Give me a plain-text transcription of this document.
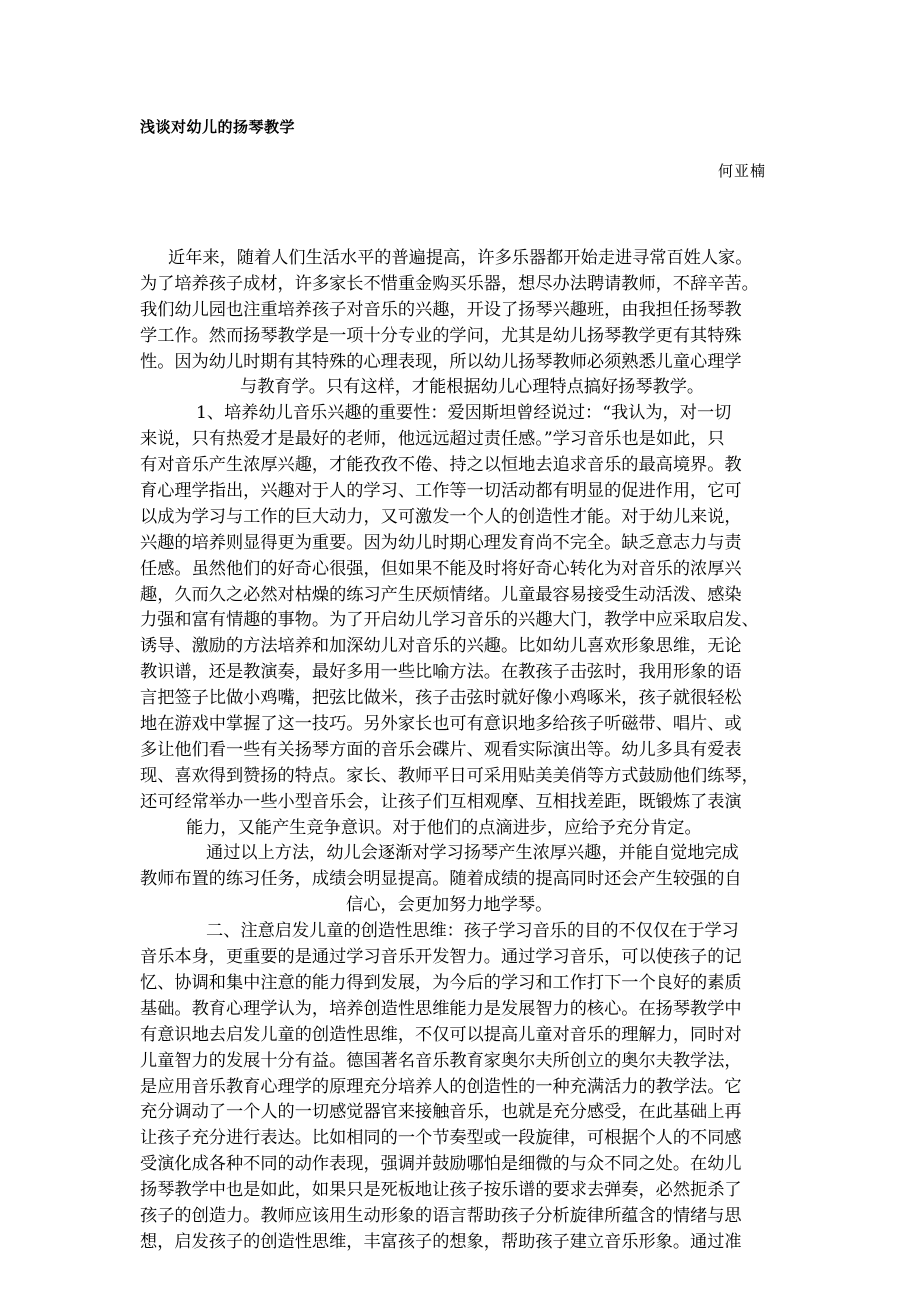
浅谈对幼儿的扬琴教学
何亚楠
近年来，随着人们生活水平的普遍提高，许多乐器都开始走进寻常百姓人家。
为了培养孩子成材，许多家长不惜重金购买乐器，想尽办法聘请教师，不辞辛苦。
我们幼儿园也注重培养孩子对音乐的兴趣，开设了扬琴兴趣班，由我担任扬琴教
学工作。然而扬琴教学是一项十分专业的学问，尤其是幼儿扬琴教学更有其特殊
性。因为幼儿时期有其特殊的心理表现，所以幼儿扬琴教师必须熟悉儿童心理学
与教育学。只有这样，才能根据幼儿心理特点搞好扬琴教学。
1、培养幼儿音乐兴趣的重要性：爱因斯坦曾经说过：“我认为，对一切
来说，只有热爱才是最好的老师，他远远超过责任感。”学习音乐也是如此，只
有对音乐产生浓厚兴趣，才能孜孜不倦、持之以恒地去追求音乐的最高境界。教
育心理学指出，兴趣对于人的学习、工作等一切活动都有明显的促进作用，它可
以成为学习与工作的巨大动力，又可激发一个人的创造性才能。对于幼儿来说，
兴趣的培养则显得更为重要。因为幼儿时期心理发育尚不完全。缺乏意志力与责
任感。虽然他们的好奇心很强，但如果不能及时将好奇心转化为对音乐的浓厚兴
趣，久而久之必然对枯燥的练习产生厌烦情绪。儿童最容易接受生动活泼、感染
力强和富有情趣的事物。为了开启幼儿学习音乐的兴趣大门，教学中应采取启发、
诱导、激励的方法培养和加深幼儿对音乐的兴趣。比如幼儿喜欢形象思维，无论
教识谱，还是教演奏，最好多用一些比喻方法。在教孩子击弦时，我用形象的语
言把签子比做小鸡嘴，把弦比做米，孩子击弦时就好像小鸡啄米，孩子就很轻松
地在游戏中掌握了这一技巧。另外家长也可有意识地多给孩子听磁带、唱片、或
多让他们看一些有关扬琴方面的音乐会碟片、观看实际演出等。幼儿多具有爱表
现、喜欢得到赞扬的特点。家长、教师平日可采用贴美美俏等方式鼓励他们练琴，
还可经常举办一些小型音乐会，让孩子们互相观摩、互相找差距，既锻炼了表演
能力，又能产生竞争意识。对于他们的点滴进步，应给予充分肯定。
通过以上方法，幼儿会逐渐对学习扬琴产生浓厚兴趣，并能自觉地完成
教师布置的练习任务，成绩会明显提高。随着成绩的提高同时还会产生较强的自
信心，会更加努力地学琴。
二、注意启发儿童的创造性思维：孩子学习音乐的目的不仅仅在于学习
音乐本身，更重要的是通过学习音乐开发智力。通过学习音乐，可以使孩子的记
忆、协调和集中注意的能力得到发展，为今后的学习和工作打下一个良好的素质
基础。教育心理学认为，培养创造性思维能力是发展智力的核心。在扬琴教学中
有意识地去启发儿童的创造性思维，不仅可以提高儿童对音乐的理解力，同时对
儿童智力的发展十分有益。德国著名音乐教育家奥尔夫所创立的奥尔夫教学法，
是应用音乐教育心理学的原理充分培养人的创造性的一种充满活力的教学法。它
充分调动了一个人的一切感觉器官来接触音乐，也就是充分感受，在此基础上再
让孩子充分进行表达。比如相同的一个节奏型或一段旋律，可根据个人的不同感
受演化成各种不同的动作表现，强调并鼓励哪怕是细微的与众不同之处。在幼儿
扬琴教学中也是如此，如果只是死板地让孩子按乐谱的要求去弹奏，必然扼杀了
孩子的创造力。教师应该用生动形象的语言帮助孩子分析旋律所蕴含的情绪与思
想，启发孩子的创造性思维，丰富孩子的想象，帮助孩子建立音乐形象。通过准
